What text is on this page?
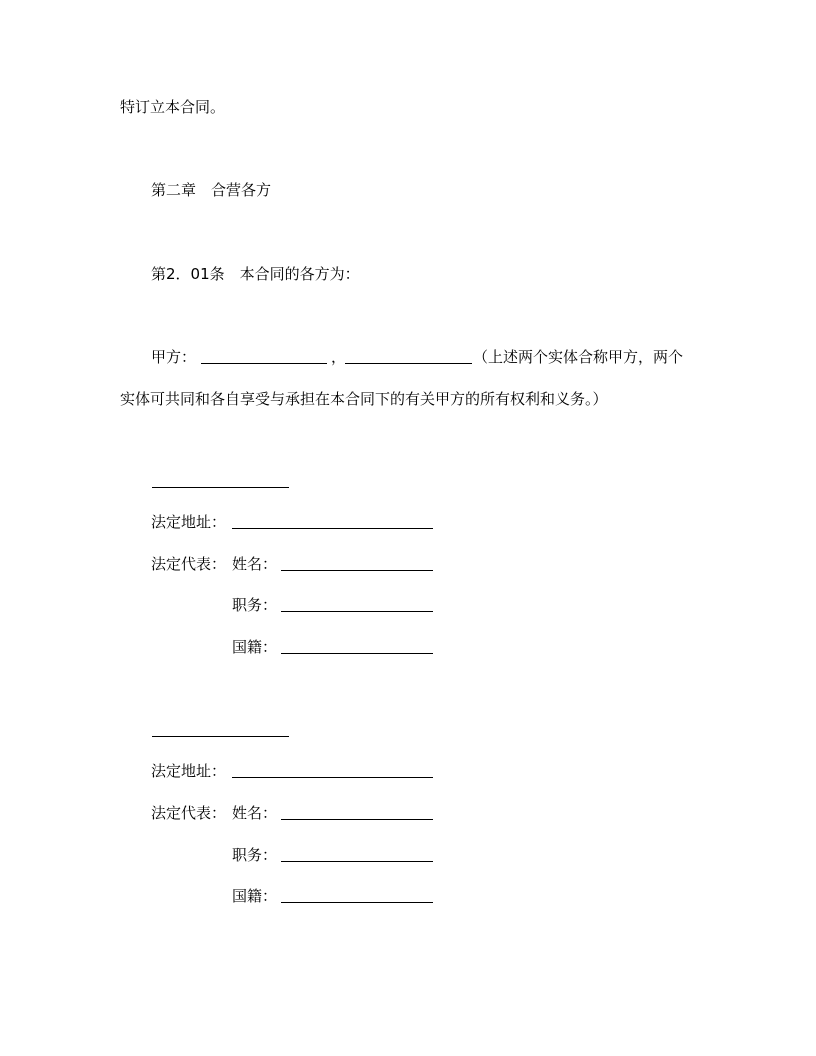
特订立本合同。
第二章　合营各方
第2．01条　 本合同的各方为：
甲方：	，	（上述两个实体合称甲方，两个
实体可共同和各自享受与承担在本合同下的有关甲方的所有权利和义务。）
法定地址：
法定代表： 姓名：
职务：
国籍：
法定地址：
法定代表： 姓名：
职务：
国籍：
